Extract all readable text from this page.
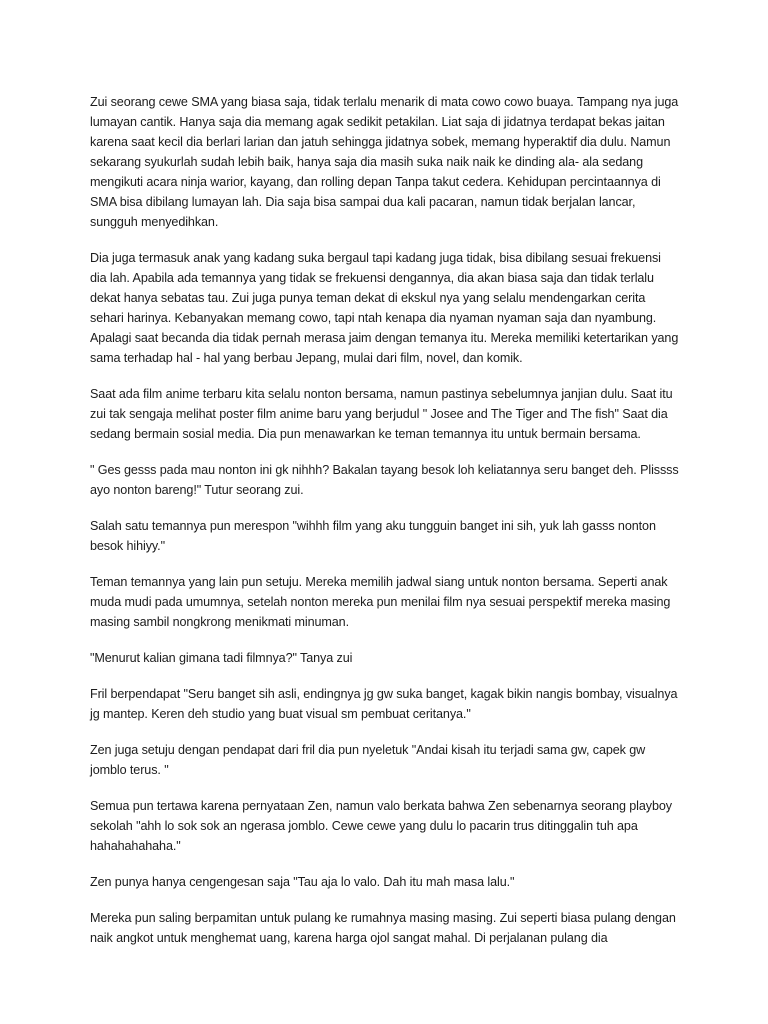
Zui seorang cewe SMA yang biasa saja, tidak terlalu menarik di mata cowo cowo buaya. Tampang nya juga lumayan cantik. Hanya saja dia memang agak sedikit petakilan. Liat saja di jidatnya terdapat bekas jaitan karena saat kecil dia berlari larian dan jatuh sehingga jidatnya sobek, memang hyperaktif dia dulu. Namun sekarang syukurlah sudah lebih baik, hanya saja dia masih suka naik naik ke dinding ala- ala sedang mengikuti acara ninja warior, kayang, dan rolling depan Tanpa takut cedera. Kehidupan percintaannya di SMA bisa dibilang lumayan lah. Dia saja bisa sampai dua kali pacaran, namun tidak berjalan lancar, sungguh menyedihkan.

Dia juga termasuk anak yang kadang suka bergaul tapi kadang juga tidak, bisa dibilang sesuai frekuensi dia lah. Apabila ada temannya yang tidak se frekuensi dengannya, dia akan biasa saja dan tidak terlalu dekat hanya sebatas tau. Zui juga punya teman dekat di ekskul nya yang selalu mendengarkan cerita sehari harinya. Kebanyakan memang cowo, tapi ntah kenapa dia nyaman nyaman saja dan nyambung. Apalagi saat becanda dia tidak pernah merasa jaim dengan temanya itu. Mereka memiliki ketertarikan yang sama terhadap hal - hal yang berbau Jepang, mulai dari film, novel, dan komik.

Saat ada film anime terbaru kita selalu nonton bersama, namun pastinya sebelumnya janjian dulu. Saat itu zui tak sengaja melihat poster film anime baru yang berjudul " Josee and The Tiger and The fish" Saat dia sedang bermain sosial media. Dia pun menawarkan ke teman temannya itu untuk bermain bersama.

" Ges gesss pada mau nonton ini gk nihhh? Bakalan tayang besok loh keliatannya seru banget deh. Plissss ayo nonton bareng!" Tutur seorang zui.

Salah satu temannya pun merespon "wihhh film yang aku tungguin banget ini sih, yuk lah gasss nonton besok hihiyy."

Teman temannya yang lain pun setuju. Mereka memilih jadwal siang untuk nonton bersama. Seperti anak muda mudi pada umumnya, setelah nonton mereka pun menilai film nya sesuai perspektif mereka masing masing sambil nongkrong menikmati minuman.

"Menurut kalian gimana tadi filmnya?" Tanya zui

Fril berpendapat "Seru banget sih asli, endingnya jg gw suka banget, kagak bikin nangis bombay, visualnya jg mantep. Keren deh studio yang buat visual sm pembuat ceritanya."

Zen juga setuju dengan pendapat dari fril dia pun nyeletuk "Andai kisah itu terjadi sama gw, capek gw jomblo terus. "

Semua pun tertawa karena pernyataan Zen, namun valo berkata bahwa Zen sebenarnya seorang playboy sekolah "ahh lo sok sok an ngerasa jomblo. Cewe cewe yang dulu lo pacarin trus ditinggalin tuh apa hahahahahaha."

Zen punya hanya cengengesan saja "Tau aja lo valo. Dah itu mah masa lalu."

Mereka pun saling berpamitan untuk pulang ke rumahnya masing masing. Zui seperti biasa pulang dengan naik angkot untuk menghemat uang, karena harga ojol sangat mahal. Di perjalanan pulang dia
